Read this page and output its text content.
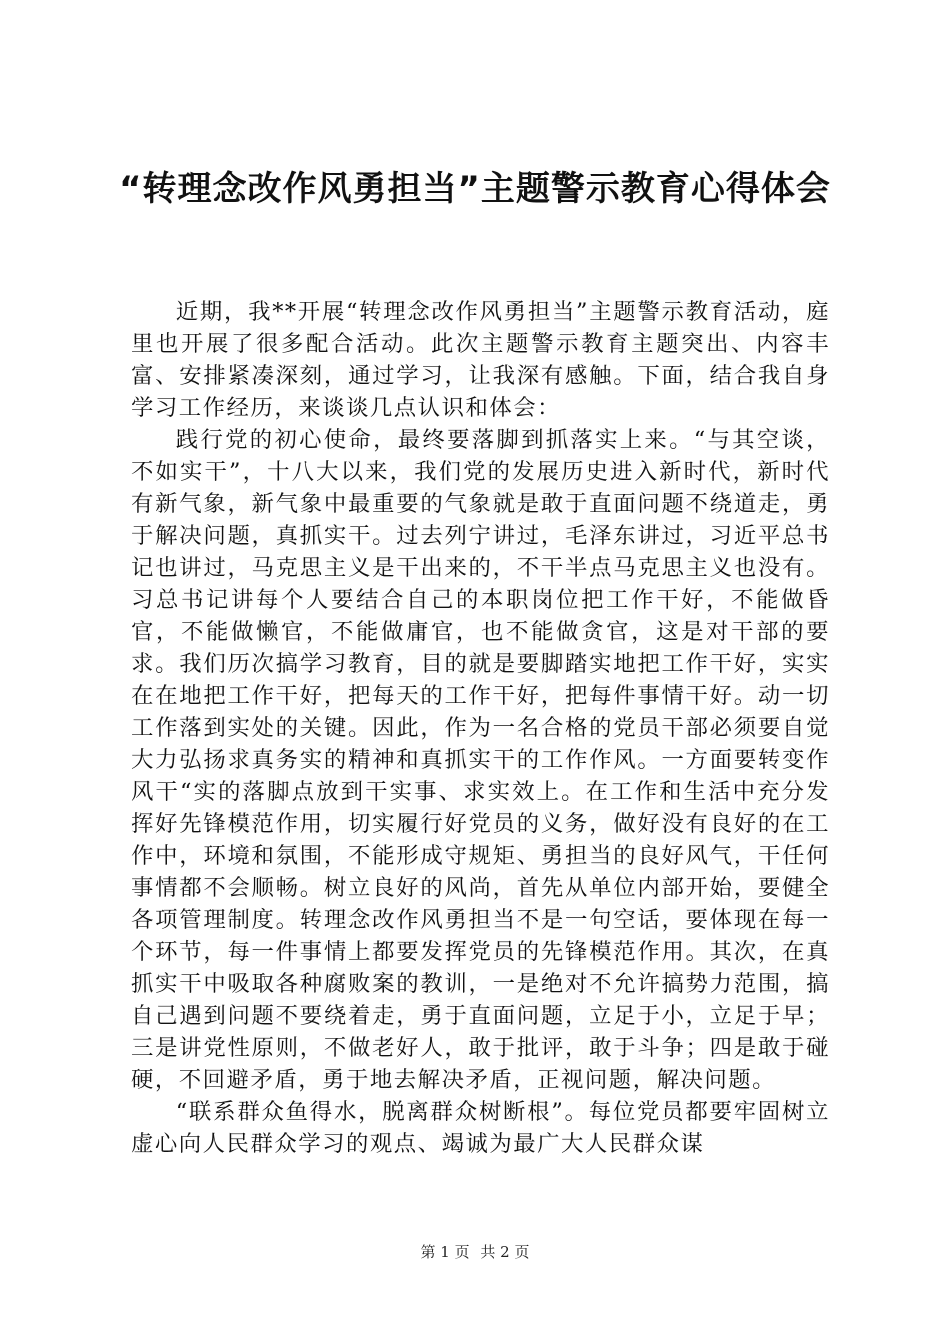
“转理念改作风勇担当”主题警示教育心得体会

近期，我**开展“转理念改作风勇担当”主题警示教育活动，庭里也开展了很多配合活动。此次主题警示教育主题突出、内容丰富、安排紧凑深刻，通过学习，让我深有感触。下面，结合我自身学习工作经历，来谈谈几点认识和体会：

践行党的初心使命，最终要落脚到抓落实上来。“与其空谈，不如实干”，十八大以来，我们党的发展历史进入新时代，新时代有新气象，新气象中最重要的气象就是敢于直面问题不绕道走，勇于解决问题，真抓实干。过去列宁讲过，毛泽东讲过，习近平总书记也讲过，马克思主义是干出来的，不干半点马克思主义也没有。习总书记讲每个人要结合自己的本职岗位把工作干好，不能做昏官，不能做懒官，不能做庸官，也不能做贪官，这是对干部的要求。我们历次搞学习教育，目的就是要脚踏实地把工作干好，实实在在地把工作干好，把每天的工作干好，把每件事情干好。动一切工作落到实处的关键。因此，作为一名合格的党员干部必须要自觉大力弘扬求真务实的精神和真抓实干的工作作风。一方面要转变作风干“实的落脚点放到干实事、求实效上。在工作和生活中充分发挥好先锋模范作用，切实履行好党员的义务，做好没有良好的在工作中，环境和氛围，不能形成守规矩、勇担当的良好风气，干任何事情都不会顺畅。树立良好的风尚，首先从单位内部开始，要健全各项管理制度。转理念改作风勇担当不是一句空话，要体现在每一个环节，每一件事情上都要发挥党员的先锋模范作用。其次，在真抓实干中吸取各种腐败案的教训，一是绝对不允许搞势力范围，搞自己遇到问题不要绕着走，勇于直面问题，立足于小，立足于早；三是讲党性原则，不做老好人，敢于批评，敢于斗争；四是敢于碰硬，不回避矛盾，勇于地去解决矛盾，正视问题，解决问题。

“联系群众鱼得水，脱离群众树断根”。每位党员都要牢固树立虚心向人民群众学习的观点、竭诚为最广大人民群众谋

第 1 页 共 2 页
